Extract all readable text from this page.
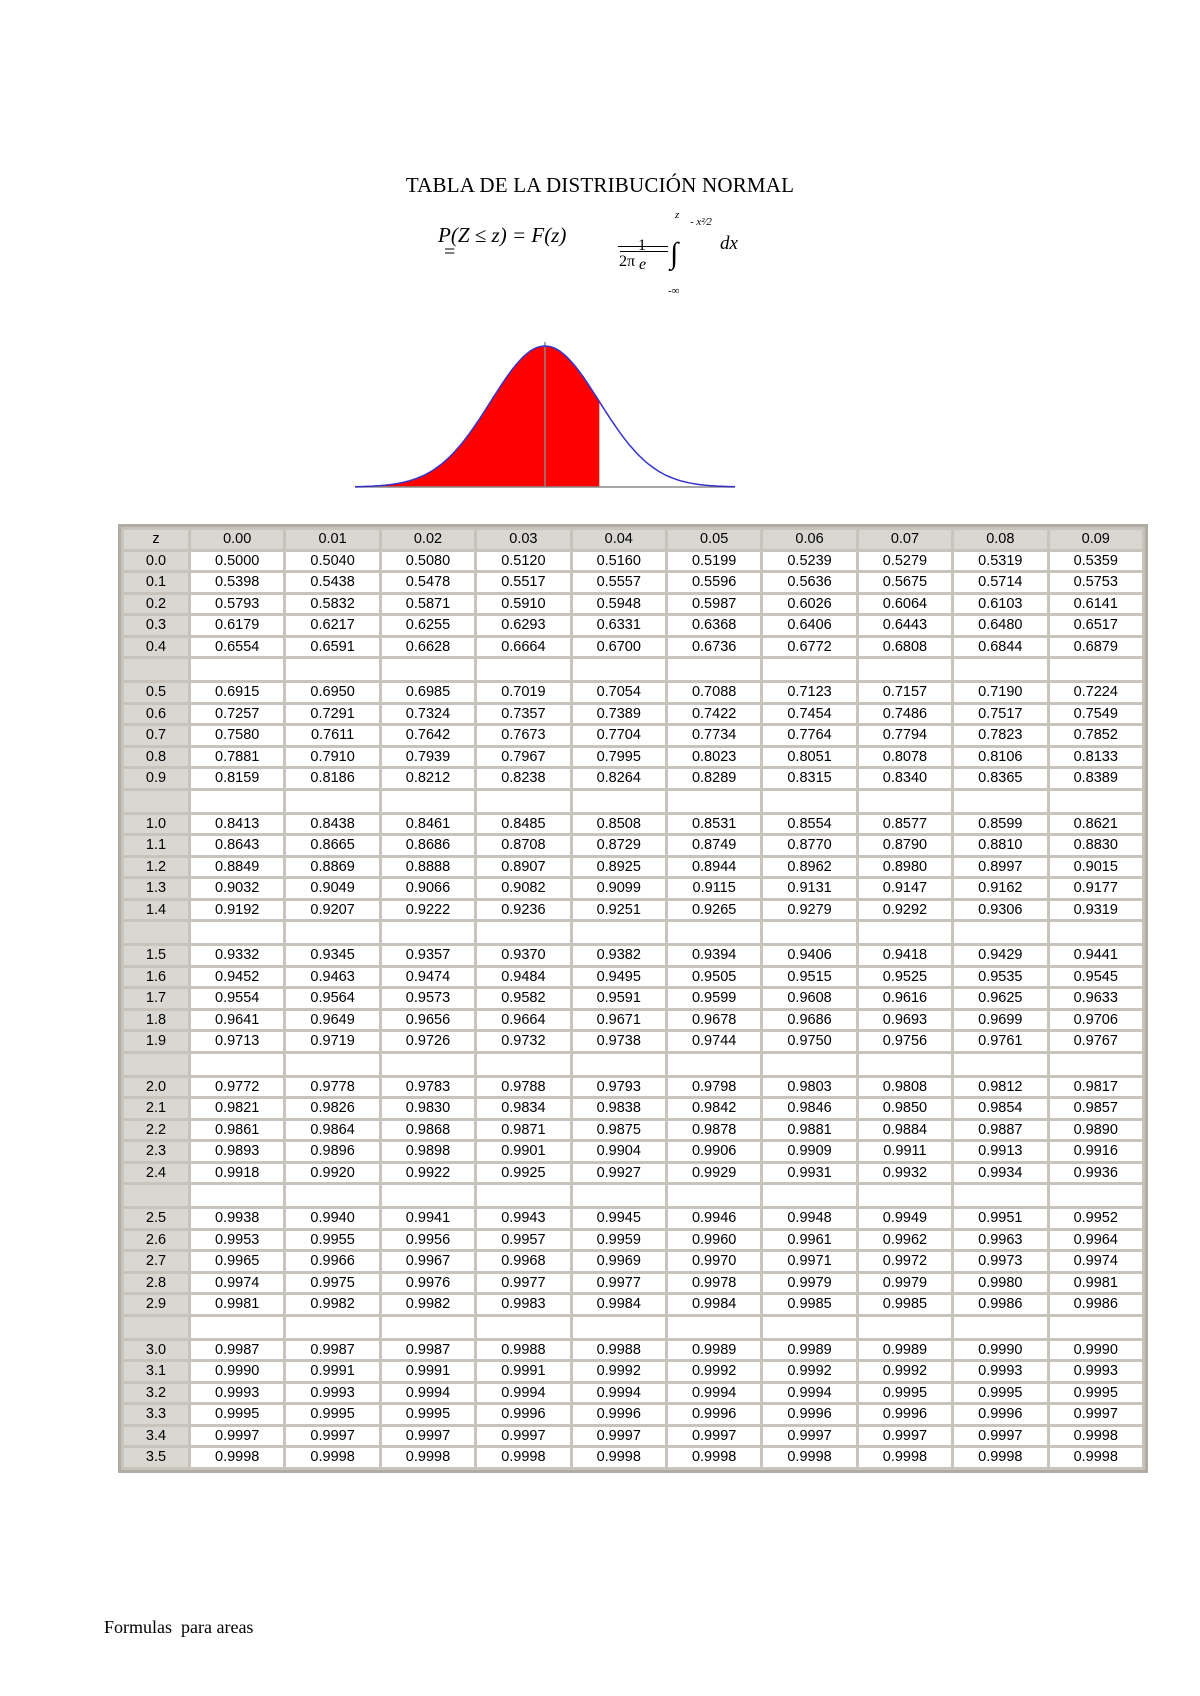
TABLA DE LA DISTRIBUCIÓN NORMAL
P(Z ≤ z) = F(z)
=	1
2π e
z
∫
-∞
- x²⁄2
dx
z	0.00	0.01	0.02	0.03	0.04	0.05	0.06	0.07	0.08	0.09
0.0	0.5000	0.5040	0.5080	0.5120	0.5160	0.5199	0.5239	0.5279	0.5319	0.5359
0.1	0.5398	0.5438	0.5478	0.5517	0.5557	0.5596	0.5636	0.5675	0.5714	0.5753
0.2	0.5793	0.5832	0.5871	0.5910	0.5948	0.5987	0.6026	0.6064	0.6103	0.6141
0.3	0.6179	0.6217	0.6255	0.6293	0.6331	0.6368	0.6406	0.6443	0.6480	0.6517
0.4	0.6554	0.6591	0.6628	0.6664	0.6700	0.6736	0.6772	0.6808	0.6844	0.6879

0.5	0.6915	0.6950	0.6985	0.7019	0.7054	0.7088	0.7123	0.7157	0.7190	0.7224
0.6	0.7257	0.7291	0.7324	0.7357	0.7389	0.7422	0.7454	0.7486	0.7517	0.7549
0.7	0.7580	0.7611	0.7642	0.7673	0.7704	0.7734	0.7764	0.7794	0.7823	0.7852
0.8	0.7881	0.7910	0.7939	0.7967	0.7995	0.8023	0.8051	0.8078	0.8106	0.8133
0.9	0.8159	0.8186	0.8212	0.8238	0.8264	0.8289	0.8315	0.8340	0.8365	0.8389

1.0	0.8413	0.8438	0.8461	0.8485	0.8508	0.8531	0.8554	0.8577	0.8599	0.8621
1.1	0.8643	0.8665	0.8686	0.8708	0.8729	0.8749	0.8770	0.8790	0.8810	0.8830
1.2	0.8849	0.8869	0.8888	0.8907	0.8925	0.8944	0.8962	0.8980	0.8997	0.9015
1.3	0.9032	0.9049	0.9066	0.9082	0.9099	0.9115	0.9131	0.9147	0.9162	0.9177
1.4	0.9192	0.9207	0.9222	0.9236	0.9251	0.9265	0.9279	0.9292	0.9306	0.9319

1.5	0.9332	0.9345	0.9357	0.9370	0.9382	0.9394	0.9406	0.9418	0.9429	0.9441
1.6	0.9452	0.9463	0.9474	0.9484	0.9495	0.9505	0.9515	0.9525	0.9535	0.9545
1.7	0.9554	0.9564	0.9573	0.9582	0.9591	0.9599	0.9608	0.9616	0.9625	0.9633
1.8	0.9641	0.9649	0.9656	0.9664	0.9671	0.9678	0.9686	0.9693	0.9699	0.9706
1.9	0.9713	0.9719	0.9726	0.9732	0.9738	0.9744	0.9750	0.9756	0.9761	0.9767

2.0	0.9772	0.9778	0.9783	0.9788	0.9793	0.9798	0.9803	0.9808	0.9812	0.9817
2.1	0.9821	0.9826	0.9830	0.9834	0.9838	0.9842	0.9846	0.9850	0.9854	0.9857
2.2	0.9861	0.9864	0.9868	0.9871	0.9875	0.9878	0.9881	0.9884	0.9887	0.9890
2.3	0.9893	0.9896	0.9898	0.9901	0.9904	0.9906	0.9909	0.9911	0.9913	0.9916
2.4	0.9918	0.9920	0.9922	0.9925	0.9927	0.9929	0.9931	0.9932	0.9934	0.9936

2.5	0.9938	0.9940	0.9941	0.9943	0.9945	0.9946	0.9948	0.9949	0.9951	0.9952
2.6	0.9953	0.9955	0.9956	0.9957	0.9959	0.9960	0.9961	0.9962	0.9963	0.9964
2.7	0.9965	0.9966	0.9967	0.9968	0.9969	0.9970	0.9971	0.9972	0.9973	0.9974
2.8	0.9974	0.9975	0.9976	0.9977	0.9977	0.9978	0.9979	0.9979	0.9980	0.9981
2.9	0.9981	0.9982	0.9982	0.9983	0.9984	0.9984	0.9985	0.9985	0.9986	0.9986

3.0	0.9987	0.9987	0.9987	0.9988	0.9988	0.9989	0.9989	0.9989	0.9990	0.9990
3.1	0.9990	0.9991	0.9991	0.9991	0.9992	0.9992	0.9992	0.9992	0.9993	0.9993
3.2	0.9993	0.9993	0.9994	0.9994	0.9994	0.9994	0.9994	0.9995	0.9995	0.9995
3.3	0.9995	0.9995	0.9995	0.9996	0.9996	0.9996	0.9996	0.9996	0.9996	0.9997
3.4	0.9997	0.9997	0.9997	0.9997	0.9997	0.9997	0.9997	0.9997	0.9997	0.9998
3.5	0.9998	0.9998	0.9998	0.9998	0.9998	0.9998	0.9998	0.9998	0.9998	0.9998
Formulas  para areas
